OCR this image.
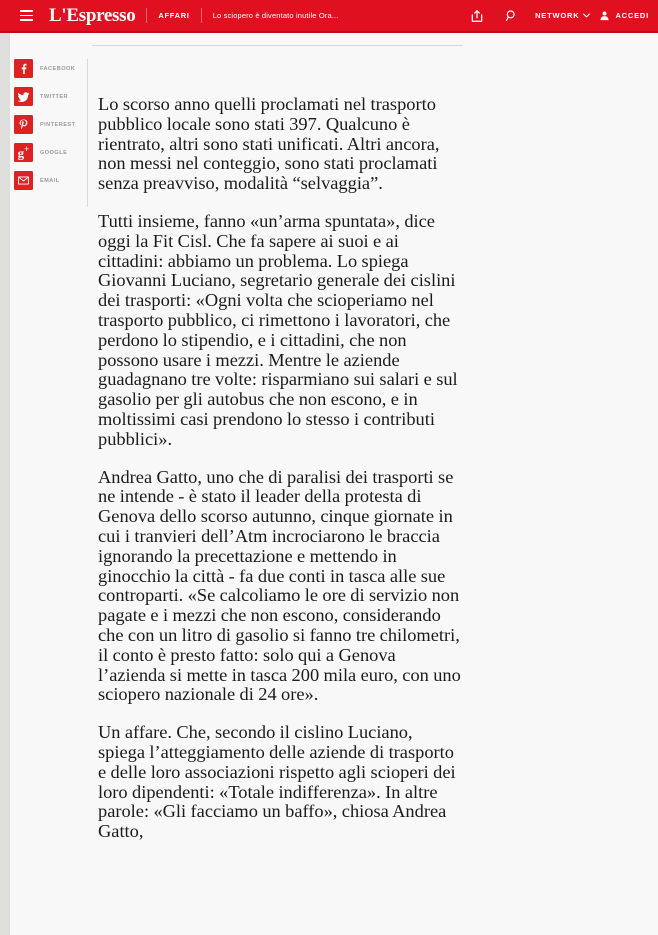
L'Espresso	AFFARI	Lo sciopero è diventato inutile Ora...	NETWORK	ACCEDI
FACEBOOK
TWITTER
PINTEREST
g+ GOOGLE
EMAIL

Lo scorso anno quelli proclamati nel trasporto pubblico locale sono stati 397. Qualcuno è rientrato, altri sono stati unificati. Altri ancora, non messi nel conteggio, sono stati proclamati senza preavviso, modalità “selvaggia”.

Tutti insieme, fanno «un’arma spuntata», dice oggi la Fit Cisl. Che fa sapere ai suoi e ai cittadini: abbiamo un problema. Lo spiega Giovanni Luciano, segretario generale dei cislini dei trasporti: «Ogni volta che scioperiamo nel trasporto pubblico, ci rimettono i lavoratori, che perdono lo stipendio, e i cittadini, che non possono usare i mezzi. Mentre le aziende guadagnano tre volte: risparmiano sui salari e sul gasolio per gli autobus che non escono, e in moltissimi casi prendono lo stesso i contributi pubblici».

Andrea Gatto, uno che di paralisi dei trasporti se ne intende - è stato il leader della protesta di Genova dello scorso autunno, cinque giornate in cui i tranvieri dell’Atm incrociarono le braccia ignorando la precettazione e mettendo in ginocchio la città - fa due conti in tasca alle sue controparti. «Se calcoliamo le ore di servizio non pagate e i mezzi che non escono, considerando che con un litro di gasolio si fanno tre chilometri, il conto è presto fatto: solo qui a Genova l’azienda si mette in tasca 200 mila euro, con uno sciopero nazionale di 24 ore».

Un affare. Che, secondo il cislino Luciano, spiega l’atteggiamento delle aziende di trasporto e delle loro associazioni rispetto agli scioperi dei loro dipendenti: «Totale indifferenza». In altre parole: «Gli facciamo un baffo», chiosa Andrea Gatto,
